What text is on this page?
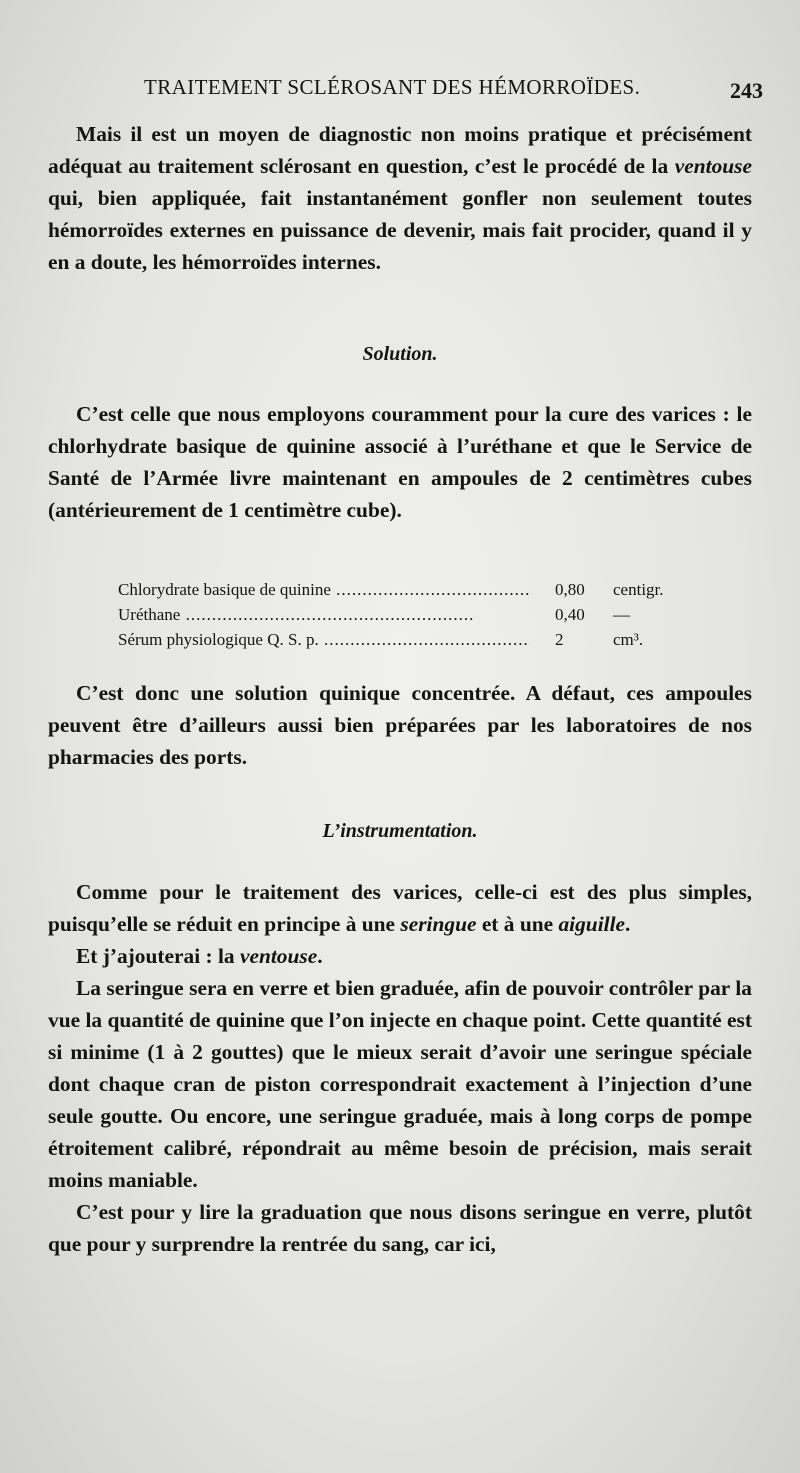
TRAITEMENT SCLÉROSANT DES HÉMORROÏDES.	243

Mais il est un moyen de diagnostic non moins pratique et précisément adéquat au traitement sclérosant en question, c’est le procédé de la ventouse qui, bien appliquée, fait instantanément gonfler non seulement toutes hémorroïdes externes en puissance de devenir, mais fait procider, quand il y en a doute, les hémorroïdes internes.

Solution.

C’est celle que nous employons couramment pour la cure des varices : le chlorhydrate basique de quinine associé à l’uréthane et que le Service de Santé de l’Armée livre maintenant en ampoules de 2 centimètres cubes (antérieurement de 1 centimètre cube).

Chlorydrate basique de quinine .....	0,80 centigr.
Uréthane .....	0,40 —
Sérum physiologique Q. S. p. .....	2	cm³.

C’est donc une solution quinique concentrée. A défaut, ces ampoules peuvent être d’ailleurs aussi bien préparées par les laboratoires de nos pharmacies des ports.

L’instrumentation.

Comme pour le traitement des varices, celle-ci est des plus simples, puisqu’elle se réduit en principe à une seringue et à une aiguille.

Et j’ajouterai : la ventouse.

La seringue sera en verre et bien graduée, afin de pouvoir contrôler par la vue la quantité de quinine que l’on injecte en chaque point. Cette quantité est si minime (1 à 2 gouttes) que le mieux serait d’avoir une seringue spéciale dont chaque cran de piston correspondrait exactement à l’injection d’une seule goutte. Ou encore, une seringue graduée, mais à long corps de pompe étroitement calibré, répondrait au même besoin de précision, mais serait moins maniable.

C’est pour y lire la graduation que nous disons seringue en verre, plutôt que pour y surprendre la rentrée du sang, car ici,
